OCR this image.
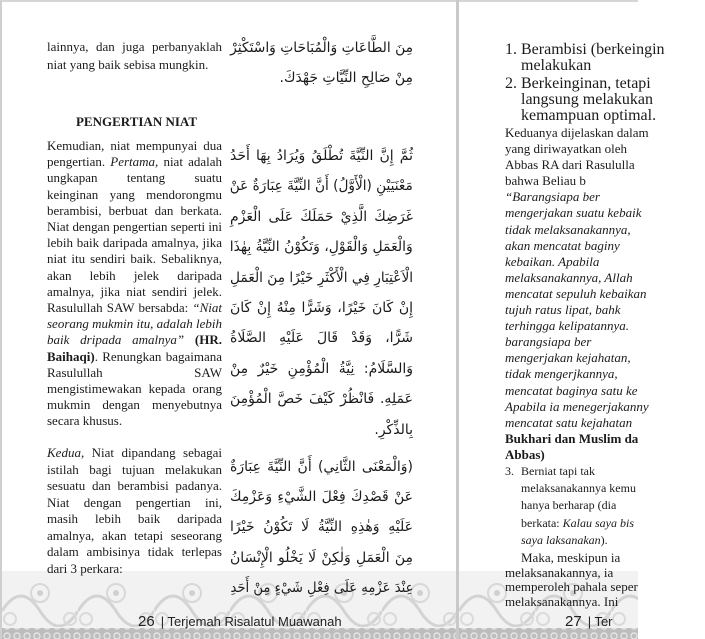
lainnya, dan juga perbanyaklah
niat yang baik sebisa mungkin.
PENGERTIAN NIAT
Kemudian, niat mempunyai dua
pengertian. Pertama, niat adalah
ungkapan tentang suatu
keinginan yang mendorongmu
berambisi, berbuat dan berkata.
Niat dengan pengertian seperti ini
lebih baik daripada amalnya, jika
niat itu sendiri baik. Sebaliknya,
akan lebih jelek daripada
amalnya, jika niat sendiri jelek.
Rasulullah SAW bersabda: “Niat
seorang mukmin itu, adalah lebih
baik dripada amalnya” (HR.
Baihaqi). Renungkan bagaimana
Rasulullah SAW
mengistimewakan kepada orang
mukmin dengan menyebutnya
secara khusus.
Kedua, Niat dipandang sebagai
istilah bagi tujuan melakukan
sesuatu dan berambisi padanya.
Niat dengan pengertian ini,
masih lebih baik daripada
amalnya, akan tetapi seseorang
dalam ambisinya tidak terlepas
dari 3 perkara:
مِنَ الطَّاعَاتِ وَالْمُبَاحَاتِ وَاسْتَكْثِرْ
مِنْ صَالِحِ النِّيَّاتِ جَهْدَكَ.
ثُمَّ إِنَّ النِّيَّةَ تُطْلَقُ وَيُرَادُ بِهَا أَحَدُ
مَعْنَيَيْنِ (الْأَوَّلُ) أَنَّ النِّيَّةَ عِبَارَةٌ عَنْ
غَرَضِكَ الَّذِيْ حَمَلَكَ عَلَى الْعَزْمِ
وَالْعَمَلِ وَالْقَوْلِ، وَتَكُوْنُ النِّيَّةُ بِهٰذَا
الْاَعْتِبَارِ فِي الْأَكْثَرِ خَيْرًا مِنَ الْعَمَلِ
إِنْ كَانَ خَيْرًا، وَشَرًّا مِنْهُ إِنْ كَانَ
شَرًّا، وَقَدْ قَالَ عَلَيْهِ الصَّلَاةُ
وَالسَّلَامُ: نِيَّةُ الْمُؤْمِنِ خَيْرٌ مِنْ
عَمَلِهِ. فَانْظُرْ كَيْفَ خَصَّ الْمُؤْمِنَ
بِالذِّكْرِ.
(وَالْمَعْنَى الثَّانِي) أَنَّ النِّيَّةَ عِبَارَةٌ
عَنْ قَصْدِكَ فِعْلَ الشَّيْءِ وَعَزْمِكَ
عَلَيْهِ وَهٰذِهِ النِّيَّةُ لَا تَكُوْنُ خَيْرًا
مِنَ الْعَمَلِ وَلٰكِنْ لَا يَخْلُو الْإِنْسَانُ
عِنْدَ عَزْمِهِ عَلَى فِعْلِ شَيْءٍ مِنْ أَحَدِ
26 | Terjemah Risalatul Muawanah
1. Berambisi (berkeingin
melakukan
2. Berkeinginan, tetapi
langsung melakukan
kemampuan optimal.
Keduanya dijelaskan dalam
yang diriwayatkan oleh
Abbas RA dari Rasululla
bahwa Beliau b
“Barangsiapa ber
mengerjakan suatu kebaik
tidak melaksanakannya,
akan mencatat baginy
kebaikan. Apabila
melaksanakannya, Allah
mencatat sepuluh kebaikan
tujuh ratus lipat, bahk
terhingga kelipatannya.
barangsiapa ber
mengerjakan kejahatan,
tidak mengerjkannya,
mencatat baginya satu ke
Apabila ia menegerjakanny
mencatat satu kejahatan
Bukhari dan Muslim da
Abbas)
3. Berniat tapi tak
melaksanakannya kemu
hanya berharap (dia
berkata: Kalau saya bis
saya laksanakan).
Maka, meskipun ia
melaksanakannya, ia
memperoleh pahala seper
melaksanakannya. Ini
27 | Ter
